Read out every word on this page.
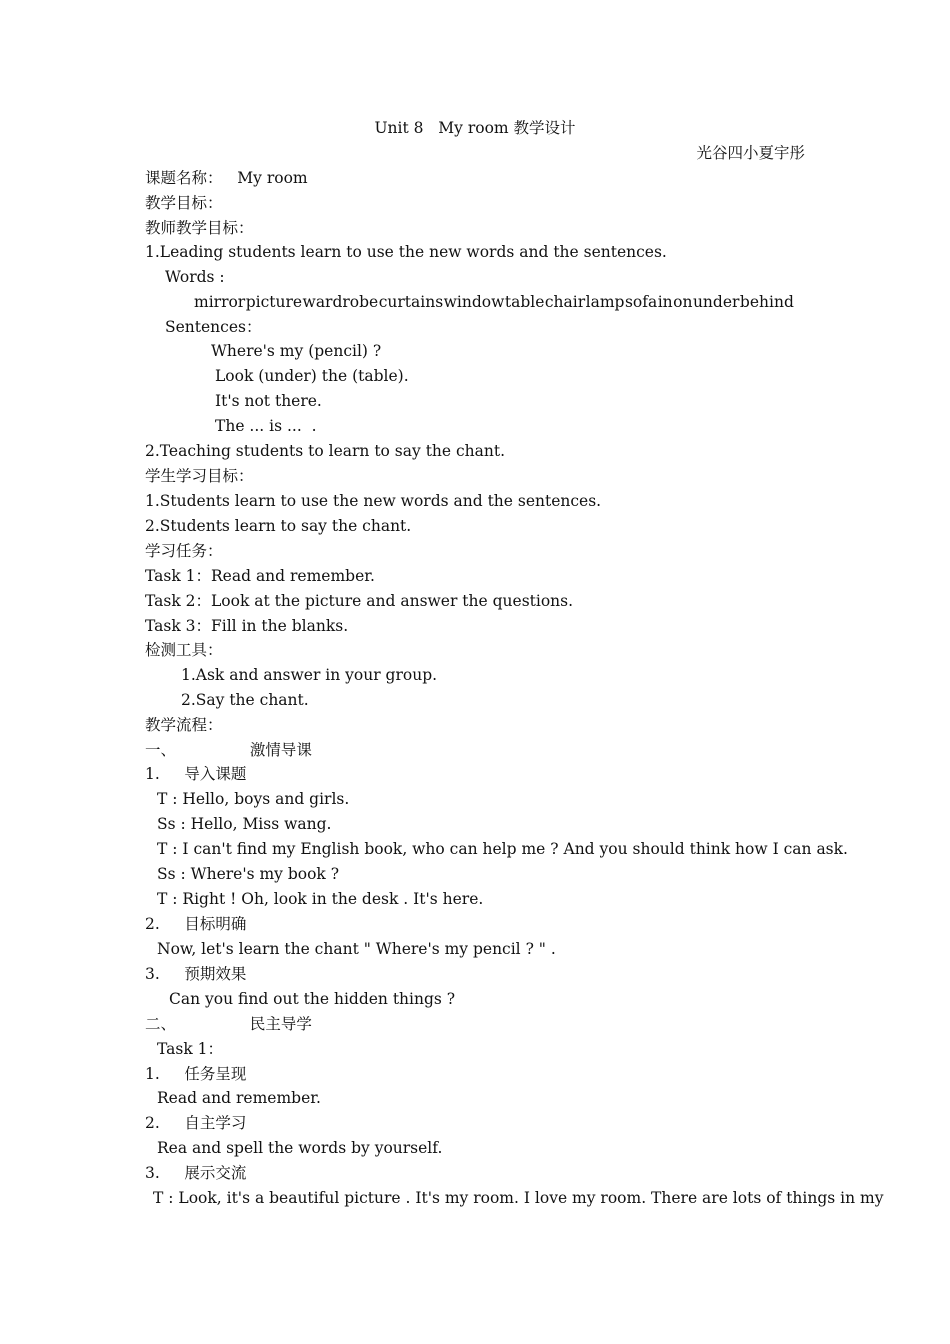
Unit 8   My room 教学设计
光谷四小夏宇彤
课题名称：   My room
教学目标：
教师教学目标：
1.Leading students learn to use the new words and the sentences.
Words :
mirror picture wardrobe curtains window table chair lamp sofa in on under behind
Sentences：
Where's my (pencil) ?
Look (under) the (table).
It's not there.
The ... is ...  .
2.Teaching students to learn to say the chant.
学生学习目标：
1.Students learn to use the new words and the sentences.
2.Students learn to say the chant.
学习任务：
Task 1：Read and remember.
Task 2：Look at the picture and answer the questions.
Task 3：Fill in the blanks.
检测工具：
1.Ask and answer in your group.
2.Say the chant.
教学流程：
一、               激情导课
1.     导入课题
T : Hello, boys and girls.
Ss : Hello, Miss wang.
T : I can't find my English book, who can help me ? And you should think how I can ask.
Ss : Where's my book ?
T : Right ! Oh, look in the desk . It's here.
2.     目标明确
Now, let's learn the chant " Where's my pencil ? " .
3.     预期效果
Can you find out the hidden things ?
二、               民主导学
Task 1：
1.     任务呈现
Read and remember.
2.     自主学习
Rea and spell the words by yourself.
3.     展示交流
T : Look, it's a beautiful picture . It's my room. I love my room. There are lots of things in my
